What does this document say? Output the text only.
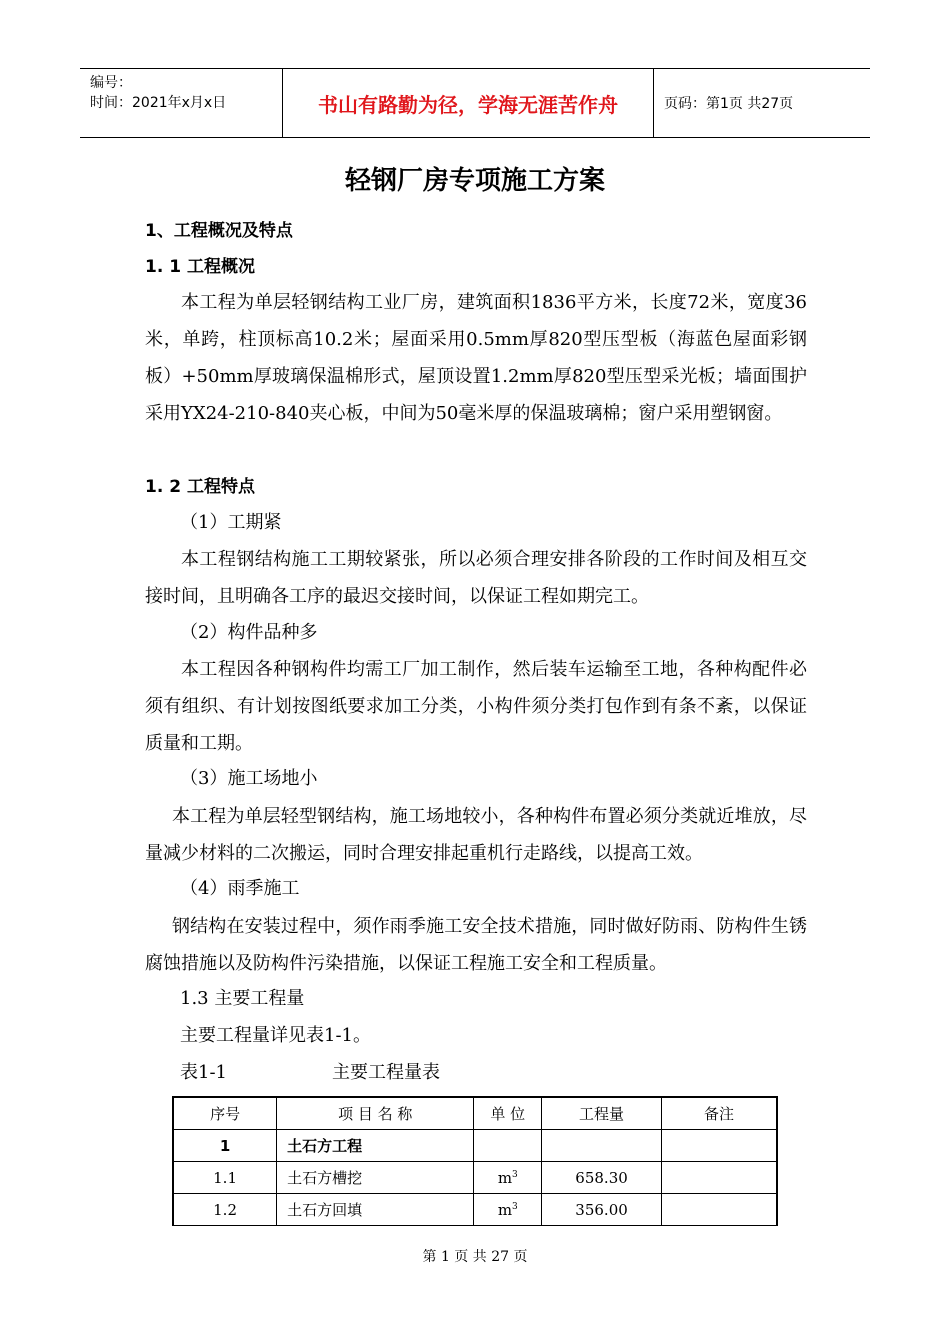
编号：
时间：2021年x月x日	书山有路勤为径，学海无涯苦作舟	页码：第1页 共27页
轻钢厂房专项施工方案
1、工程概况及特点
1. 1 工程概况
本工程为单层轻钢结构工业厂房，建筑面积1836平方米，长度72米，宽度36米，单跨，柱顶标高10.2米；屋面采用0.5mm厚820型压型板（海蓝色屋面彩钢板）+50mm厚玻璃保温棉形式，屋顶设置1.2mm厚820型压型采光板；墙面围护采用YX24-210-840夹心板，中间为50毫米厚的保温玻璃棉；窗户采用塑钢窗。
1. 2 工程特点
（1）工期紧
本工程钢结构施工工期较紧张，所以必须合理安排各阶段的工作时间及相互交接时间，且明确各工序的最迟交接时间，以保证工程如期完工。
（2）构件品种多
本工程因各种钢构件均需工厂加工制作，然后装车运输至工地，各种构配件必须有组织、有计划按图纸要求加工分类，小构件须分类打包作到有条不紊，以保证质量和工期。
（3）施工场地小
本工程为单层轻型钢结构，施工场地较小，各种构件布置必须分类就近堆放，尽量减少材料的二次搬运，同时合理安排起重机行走路线，以提高工效。
（4）雨季施工
钢结构在安装过程中，须作雨季施工安全技术措施，同时做好防雨、防构件生锈腐蚀措施以及防构件污染措施，以保证工程施工安全和工程质量。
1.3 主要工程量
主要工程量详见表1-1。
表1-1	主要工程量表
序号	项 目 名 称	单 位	工程量	备注
1	土石方工程			
1.1	土石方槽挖	$m^3$	658.30	
1.2	土石方回填	$m^3$	356.00	
第 1 页 共 27 页
